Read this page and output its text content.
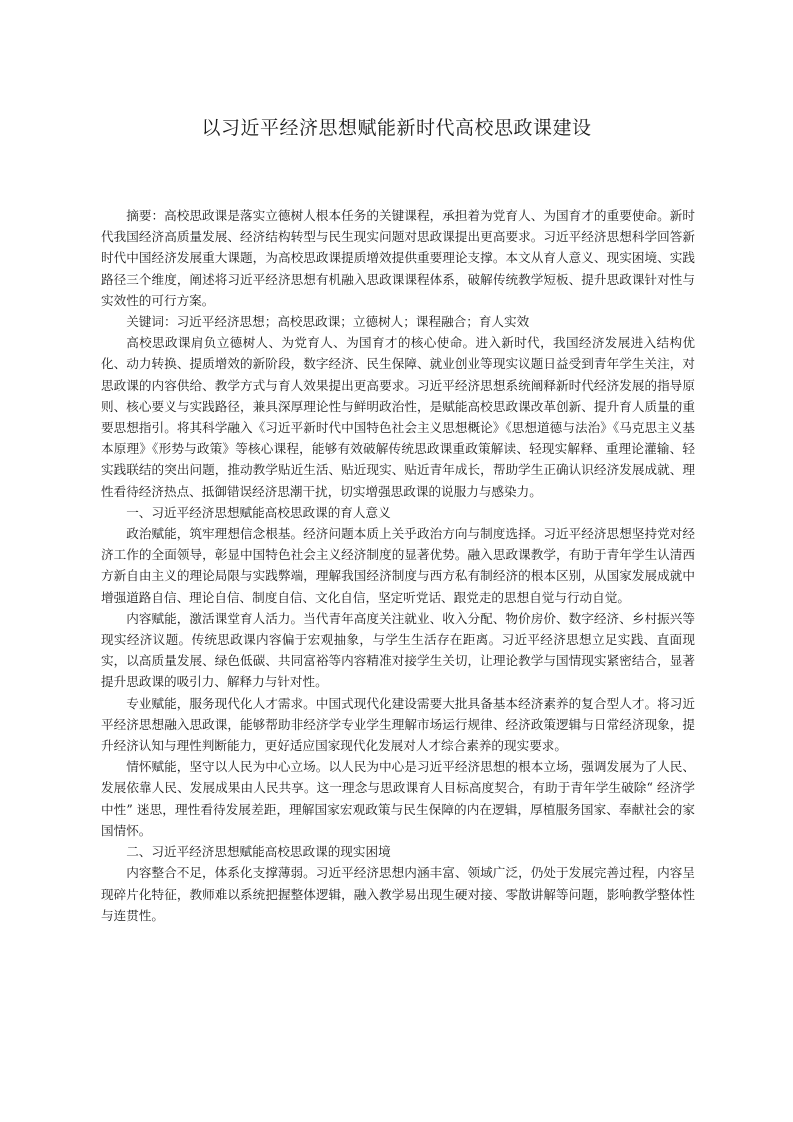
以习近平经济思想赋能新时代高校思政课建设

摘要：高校思政课是落实立德树人根本任务的关键课程，承担着为党育人、为国育才的重要使命。新时代我国经济高质量发展、经济结构转型与民生现实问题对思政课提出更高要求。习近平经济思想科学回答新时代中国经济发展重大课题，为高校思政课提质增效提供重要理论支撑。本文从育人意义、现实困境、实践路径三个维度，阐述将习近平经济思想有机融入思政课课程体系，破解传统教学短板、提升思政课针对性与实效性的可行方案。

关键词：习近平经济思想；高校思政课；立德树人；课程融合；育人实效

高校思政课肩负立德树人、为党育人、为国育才的核心使命。进入新时代，我国经济发展进入结构优化、动力转换、提质增效的新阶段，数字经济、民生保障、就业创业等现实议题日益受到青年学生关注，对思政课的内容供给、教学方式与育人效果提出更高要求。习近平经济思想系统阐释新时代经济发展的指导原则、核心要义与实践路径，兼具深厚理论性与鲜明政治性，是赋能高校思政课改革创新、提升育人质量的重要思想指引。将其科学融入《习近平新时代中国特色社会主义思想概论》《思想道德与法治》《马克思主义基本原理》《形势与政策》等核心课程，能够有效破解传统思政课重政策解读、轻现实解释、重理论灌输、轻实践联结的突出问题，推动教学贴近生活、贴近现实、贴近青年成长，帮助学生正确认识经济发展成就、理性看待经济热点、抵御错误经济思潮干扰，切实增强思政课的说服力与感染力。

一、习近平经济思想赋能高校思政课的育人意义

政治赋能，筑牢理想信念根基。经济问题本质上关乎政治方向与制度选择。习近平经济思想坚持党对经济工作的全面领导，彰显中国特色社会主义经济制度的显著优势。融入思政课教学，有助于青年学生认清西方新自由主义的理论局限与实践弊端，理解我国经济制度与西方私有制经济的根本区别，从国家发展成就中增强道路自信、理论自信、制度自信、文化自信，坚定听党话、跟党走的思想自觉与行动自觉。

内容赋能，激活课堂育人活力。当代青年高度关注就业、收入分配、物价房价、数字经济、乡村振兴等现实经济议题。传统思政课内容偏于宏观抽象，与学生生活存在距离。习近平经济思想立足实践、直面现实，以高质量发展、绿色低碳、共同富裕等内容精准对接学生关切，让理论教学与国情现实紧密结合，显著提升思政课的吸引力、解释力与针对性。

专业赋能，服务现代化人才需求。中国式现代化建设需要大批具备基本经济素养的复合型人才。将习近平经济思想融入思政课，能够帮助非经济学专业学生理解市场运行规律、经济政策逻辑与日常经济现象，提升经济认知与理性判断能力，更好适应国家现代化发展对人才综合素养的现实要求。

情怀赋能，坚守以人民为中心立场。以人民为中心是习近平经济思想的根本立场，强调发展为了人民、发展依靠人民、发展成果由人民共享。这一理念与思政课育人目标高度契合，有助于青年学生破除“ 经济学中性” 迷思，理性看待发展差距，理解国家宏观政策与民生保障的内在逻辑，厚植服务国家、奉献社会的家国情怀。

二、习近平经济思想赋能高校思政课的现实困境

内容整合不足，体系化支撑薄弱。习近平经济思想内涵丰富、领域广泛，仍处于发展完善过程，内容呈现碎片化特征，教师难以系统把握整体逻辑，融入教学易出现生硬对接、零散讲解等问题，影响教学整体性与连贯性。
